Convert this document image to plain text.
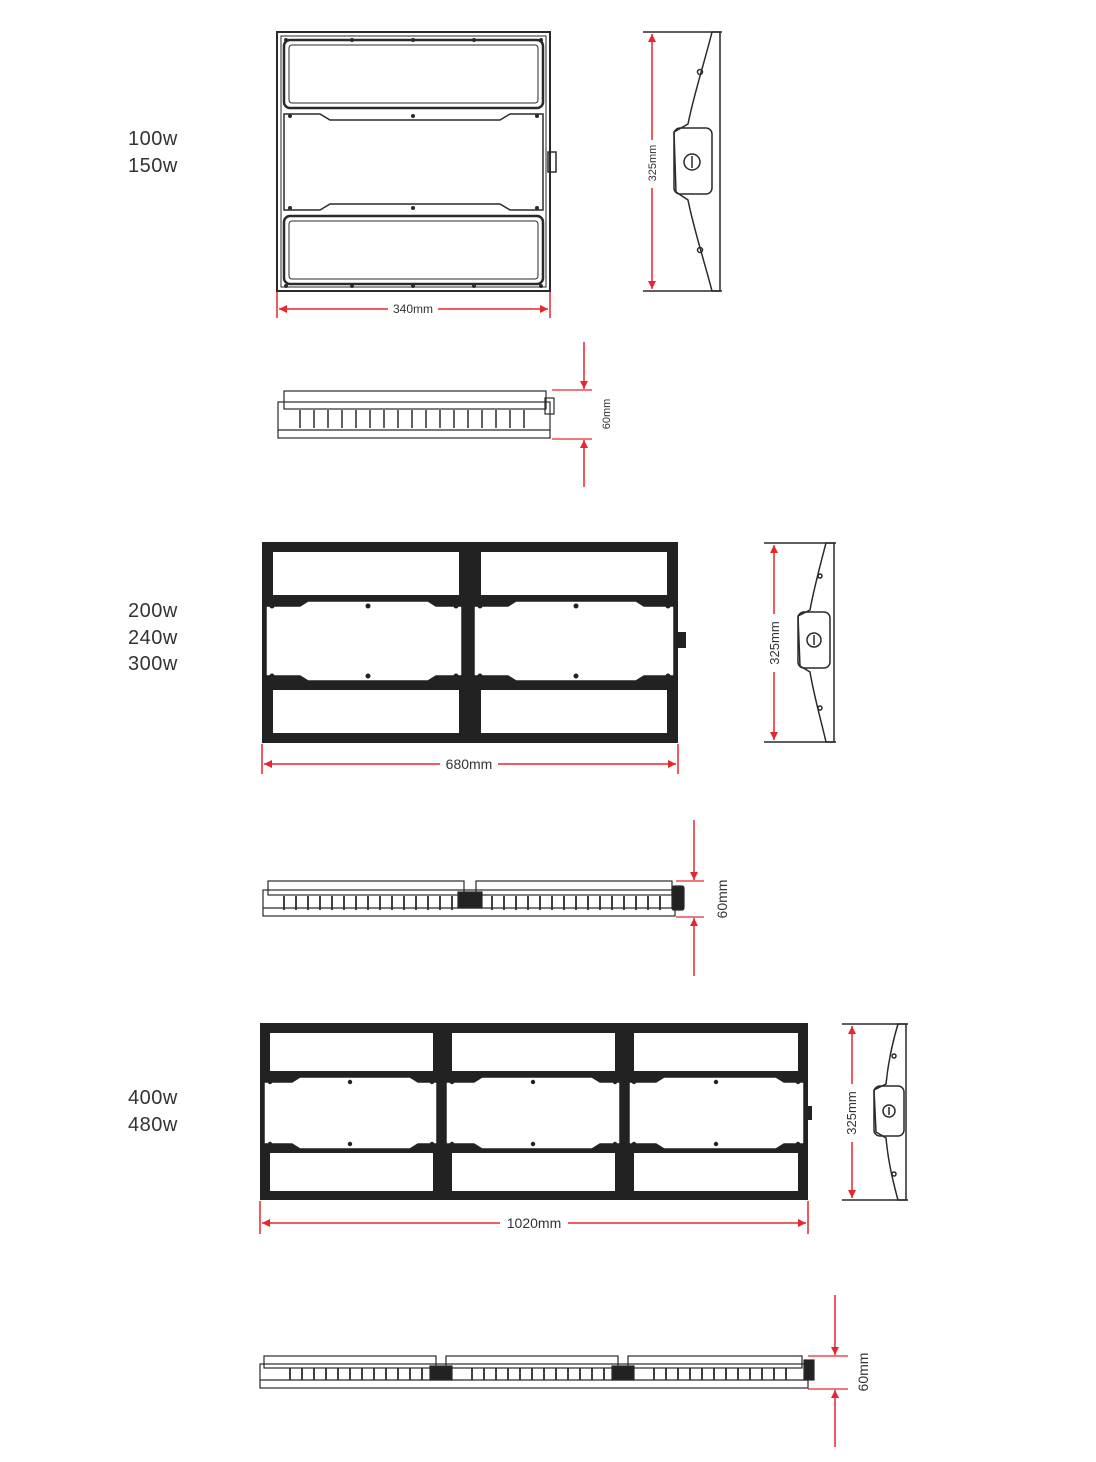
100w
150w
200w
240w
300w
400w
480w
340mm
325mm
60mm
680mm
325mm
60mm
1020mm
325mm
60mm
